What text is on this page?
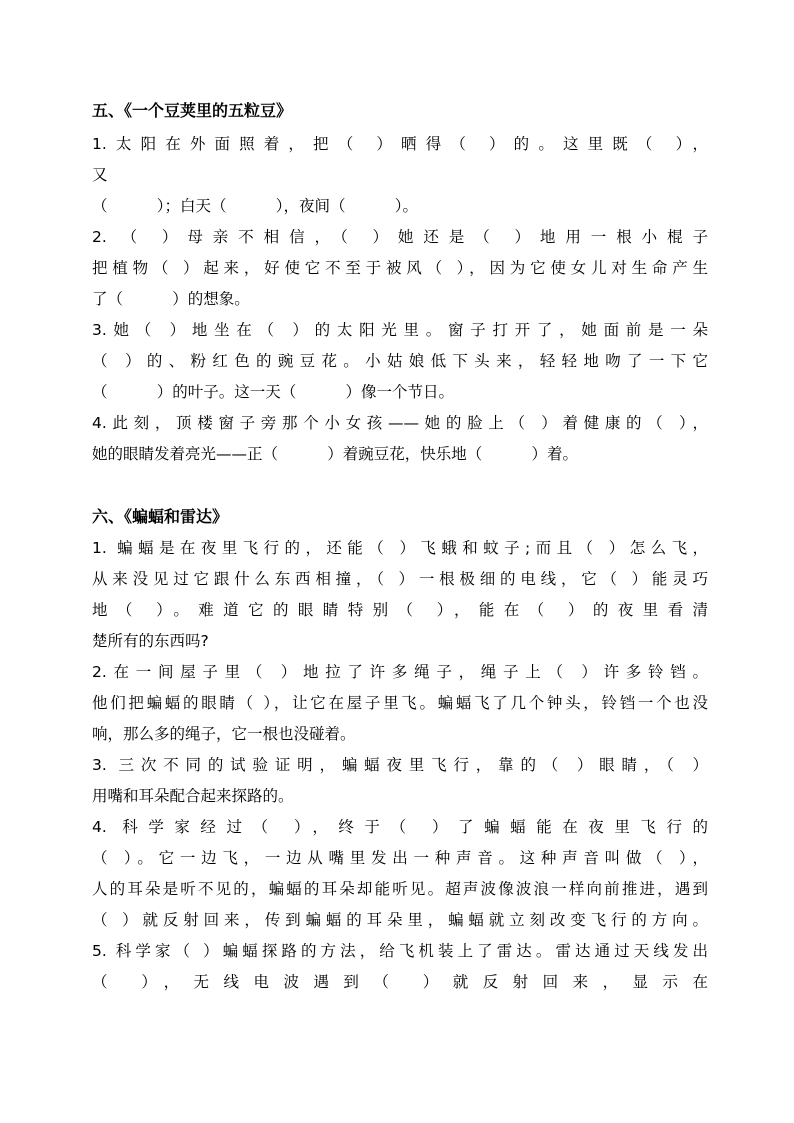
五、《一个豆荚里的五粒豆》
1.太阳在外面照着，把（ ）晒得（ ）的。这里既（ ），
又
（          ）；白天（          ），夜间（          ）。
2. （ ）母亲不相信，（ ）她还是（ ）地用一根小棍子
把植物（ ）起来，好使它不至于被风（ ），因为它使女儿对生命产生
了（          ）的想象。
3.她（ ）地坐在（ ）的太阳光里。窗子打开了，她面前是一朵
（ ）的、粉红色的豌豆花。小姑娘低下头来，轻轻地吻了一下它
（          ）的叶子。这一天（          ）像一个节日。
4.此刻，顶楼窗子旁那个小女孩——她的脸上（ ）着健康的（ ），
她的眼睛发着亮光——正（          ）着豌豆花，快乐地（          ）着。
六、《蝙蝠和雷达》
1. 蝙蝠是在夜里飞行的，还能（ ）飞蛾和蚊子;而且（ ）怎么飞，
从来没见过它跟什么东西相撞，（ ）一根极细的电线，它（ ）能灵巧
地（ ）。难道它的眼睛特别（ ），能在（ ）的夜里看清
楚所有的东西吗?
2.在一间屋子里（ ）地拉了许多绳子，绳子上（ ）许多铃铛。
他们把蝙蝠的眼睛（ ），让它在屋子里飞。蝙蝠飞了几个钟头，铃铛一个也没
响，那么多的绳子，它一根也没碰着。
3. 三次不同的试验证明，蝙蝠夜里飞行，靠的（ ）眼睛，（ ）
用嘴和耳朵配合起来探路的。
4. 科学家经过（ ），终于（ ）了蝙蝠能在夜里飞行的
（ ）。它一边飞，一边从嘴里发出一种声音。这种声音叫做（ ），
人的耳朵是听不见的，蝙蝠的耳朵却能听见。超声波像波浪一样向前推进，遇到
（ ）就反射回来，传到蝙蝠的耳朵里，蝙蝠就立刻改变飞行的方向。
5. 科学家（ ）蝙蝠探路的方法，给飞机装上了雷达。雷达通过天线发出
（ ），无线电波遇到（ ）就反射回来，显示在
